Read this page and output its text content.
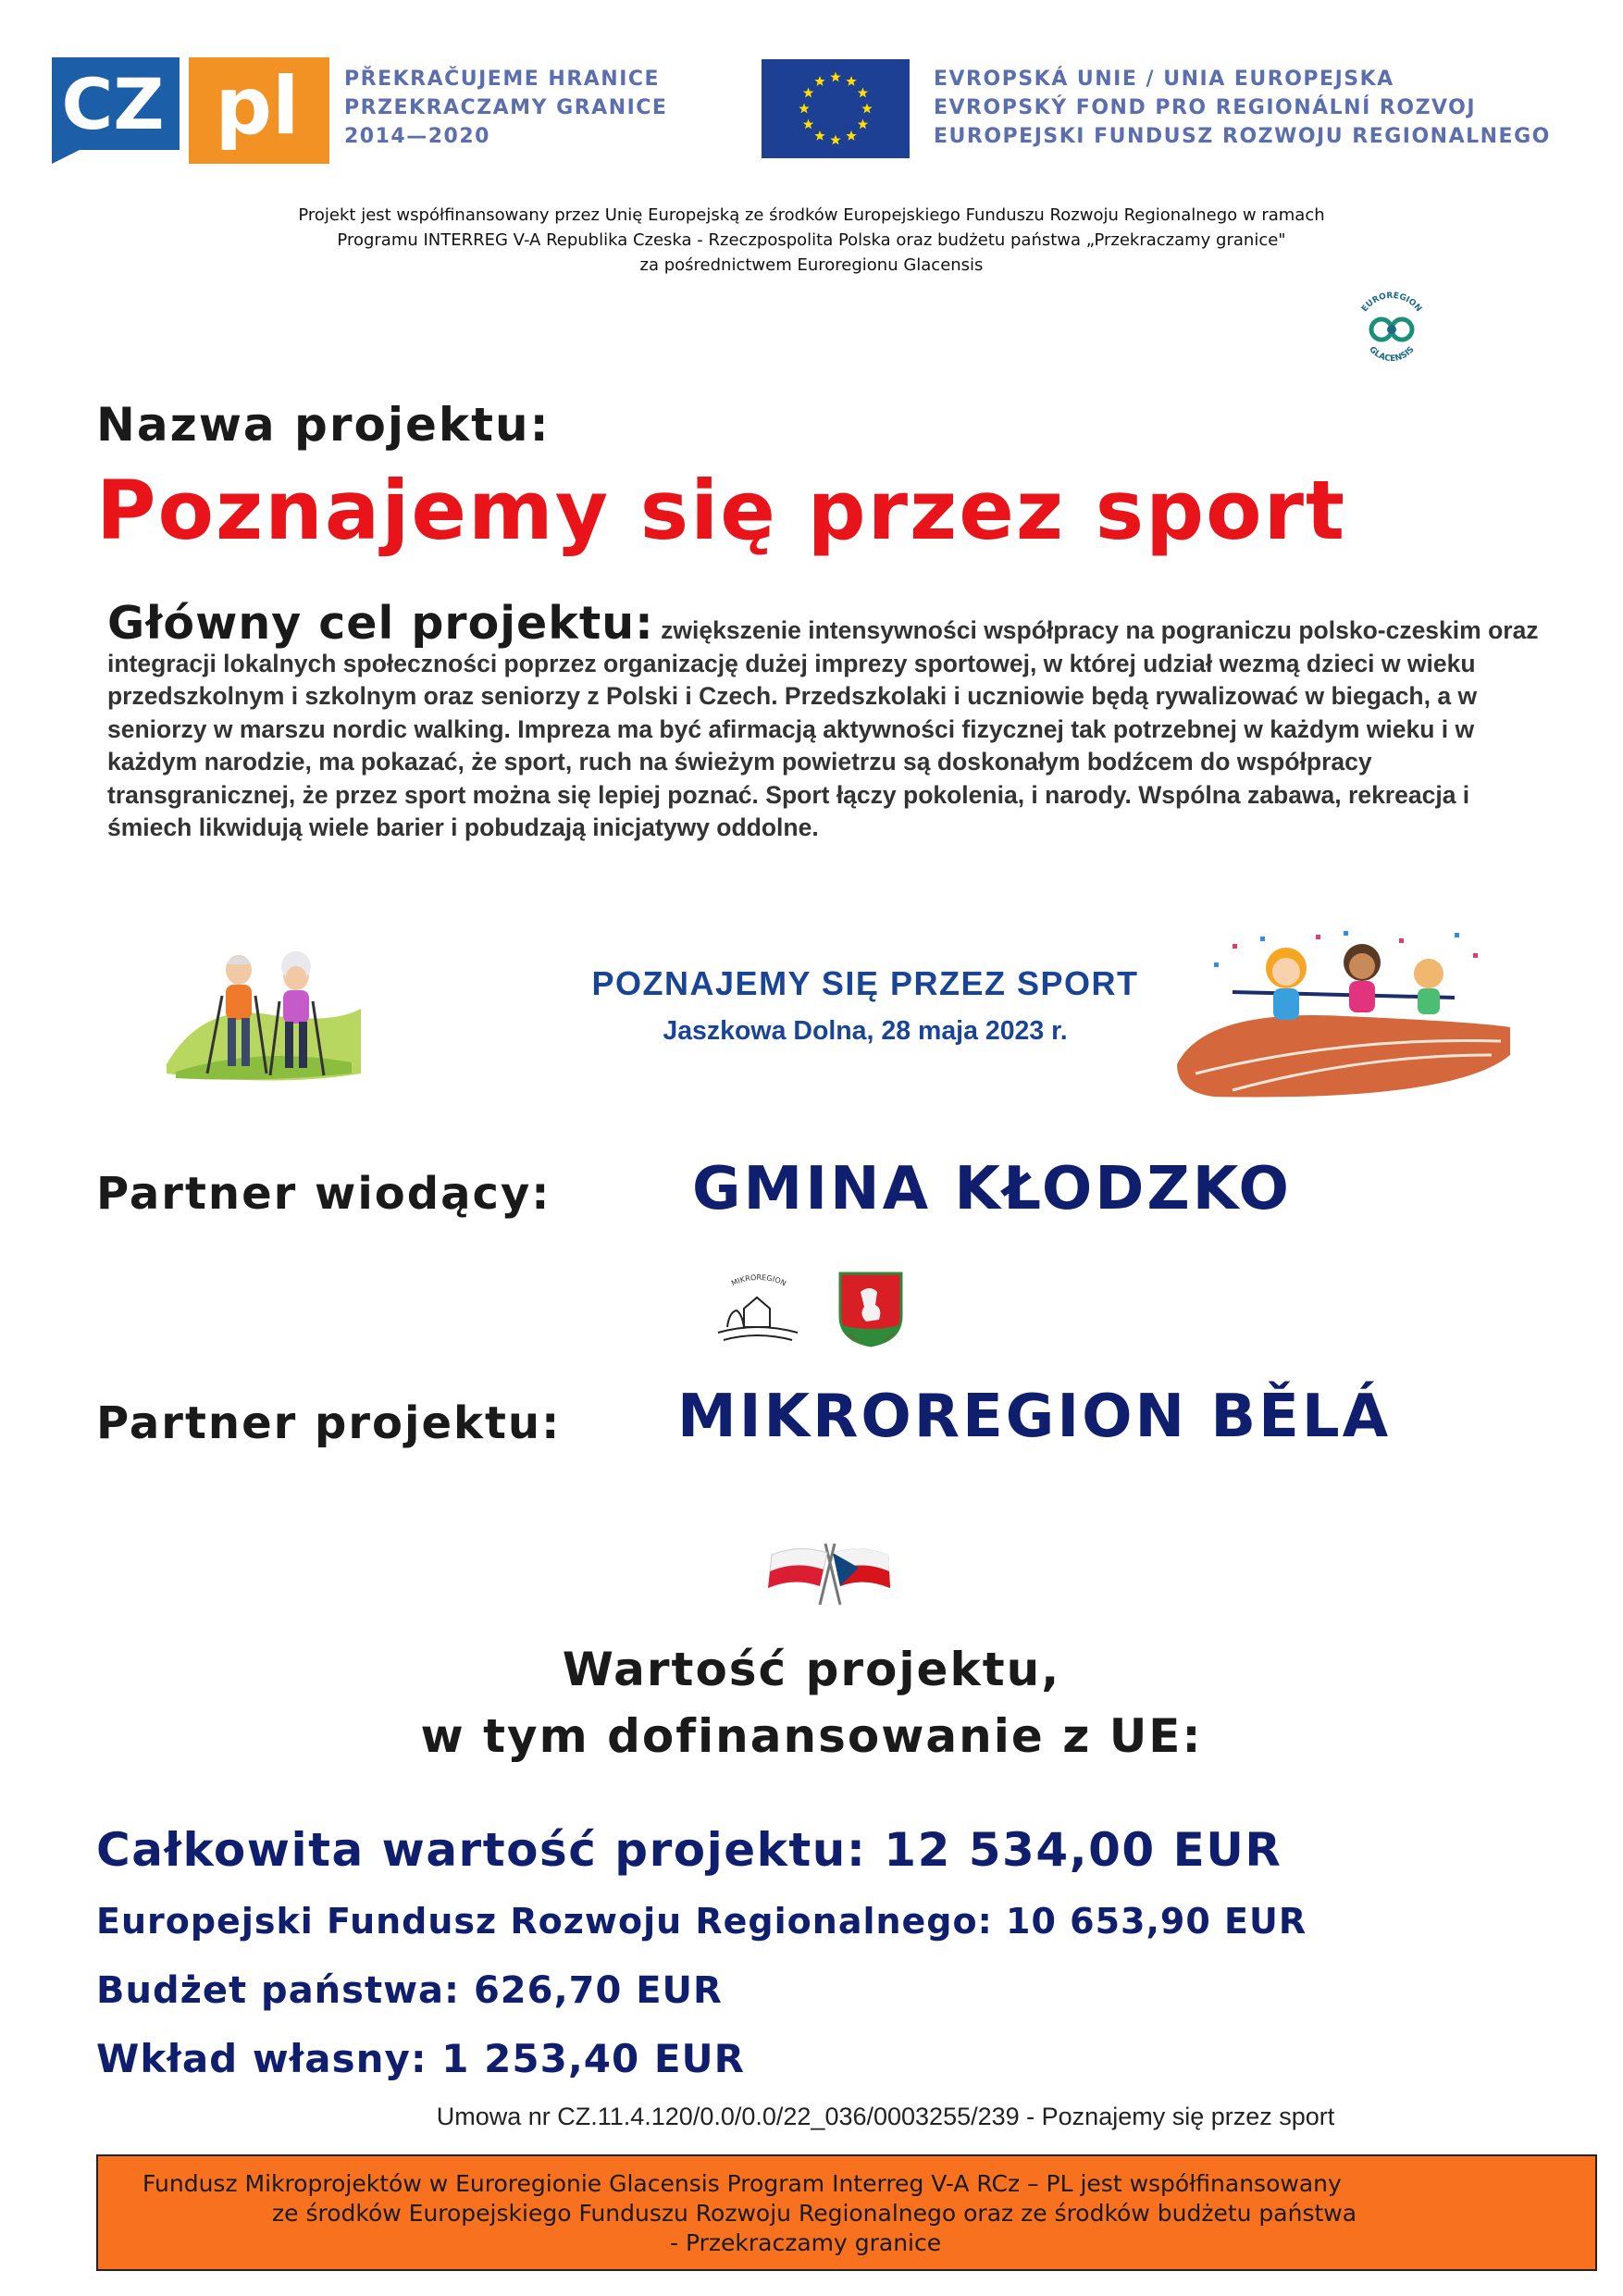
CZ pl PŘEKRAČUJEME HRANICE
PRZEKRACZAMY GRANICE
2014—2020
EVROPSKÁ UNIE / UNIA EUROPEJSKA
EVROPSKÝ FOND PRO REGIONÁLNÍ ROZVOJ
EUROPEJSKI FUNDUSZ ROZWOJU REGIONALNEGO
Projekt jest współfinansowany przez Unię Europejską ze środków Europejskiego Funduszu Rozwoju Regionalnego w ramach
Programu INTERREG V-A Republika Czeska - Rzeczpospolita Polska oraz budżetu państwa „Przekraczamy granice"
za pośrednictwem Euroregionu Glacensis
EUROREGION
GLACENSIS
Nazwa projektu:
Poznajemy się przez sport
Główny cel projektu: zwiększenie intensywności współpracy na pograniczu polsko-czeskim oraz integracji lokalnych społeczności poprzez organizację dużej imprezy sportowej, w której udział wezmą dzieci w wieku przedszkolnym i szkolnym oraz seniorzy z Polski i Czech. Przedszkolaki i uczniowie będą rywalizować w biegach, a w seniorzy w marszu nordic walking. Impreza ma być afirmacją aktywności fizycznej tak potrzebnej w każdym wieku i w każdym narodzie, ma pokazać, że sport, ruch na świeżym powietrzu są doskonałym bodźcem do współpracy transgranicznej, że przez sport można się lepiej poznać. Sport łączy pokolenia, i narody. Wspólna zabawa, rekreacja i śmiech likwidują wiele barier i pobudzają inicjatywy oddolne.
POZNAJEMY SIĘ PRZEZ SPORT
Jaszkowa Dolna, 28 maja 2023 r.
Partner wiodący: GMINA KŁODZKO
MIKROREGION
Partner projektu: MIKROREGION BĚLÁ
Wartość projektu,
w tym dofinansowanie z UE:
Całkowita wartość projektu: 12 534,00 EUR
Europejski Fundusz Rozwoju Regionalnego: 10 653,90 EUR
Budżet państwa: 626,70 EUR
Wkład własny: 1 253,40 EUR
Umowa nr CZ.11.4.120/0.0/0.0/22_036/0003255/239 - Poznajemy się przez sport
Fundusz Mikroprojektów w Euroregionie Glacensis Program Interreg V-A RCz – PL jest współfinansowany
ze środków Europejskiego Funduszu Rozwoju Regionalnego oraz ze środków budżetu państwa
- Przekraczamy granice
